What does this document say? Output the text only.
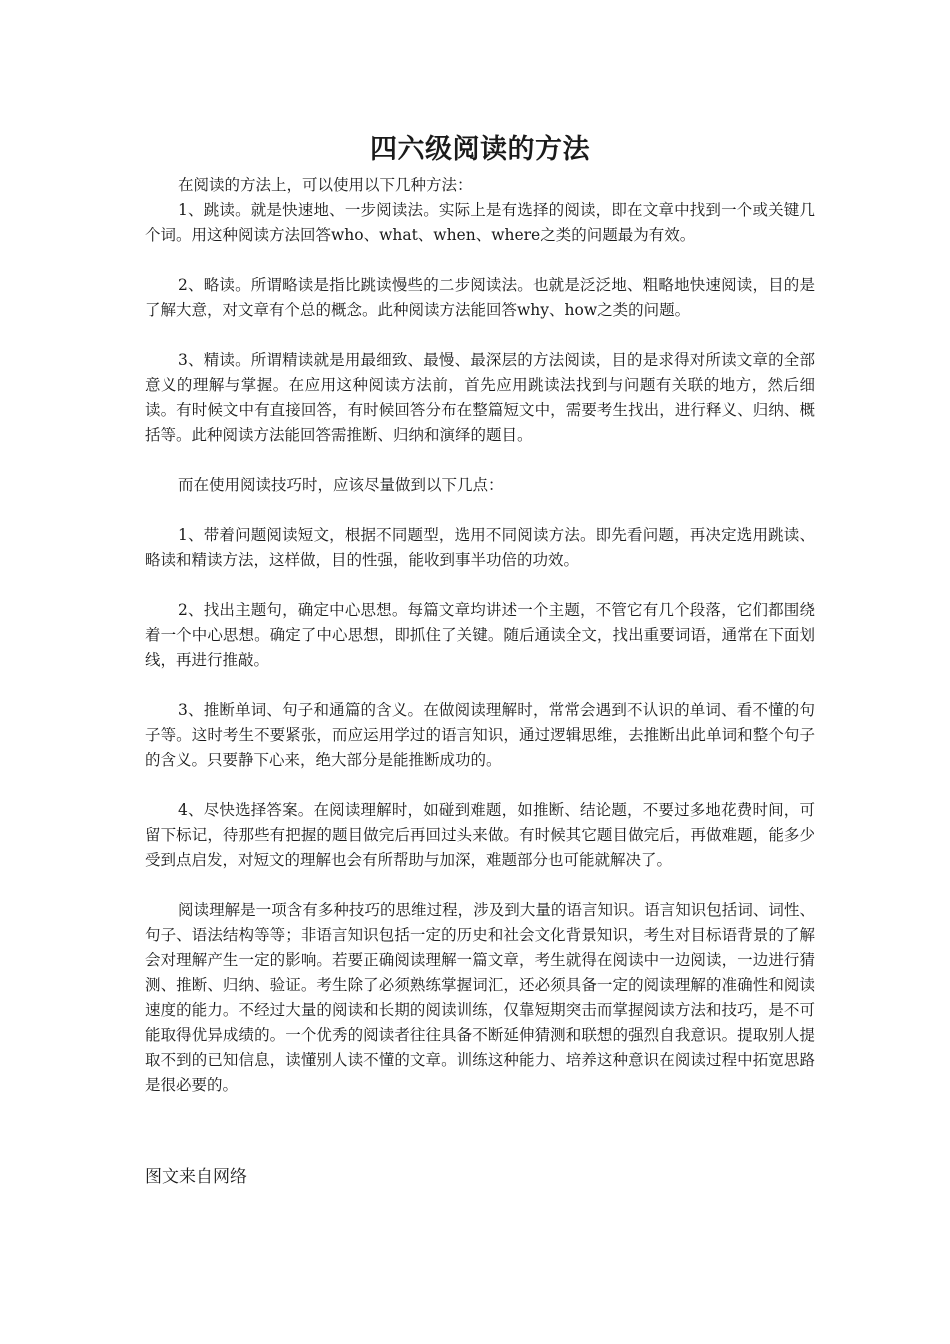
四六级阅读的方法

在阅读的方法上，可以使用以下几种方法：

1、跳读。就是快速地、一步阅读法。实际上是有选择的阅读，即在文章中找到一个或关键几个词。用这种阅读方法回答who、what、when、where之类的问题最为有效。

2、略读。所谓略读是指比跳读慢些的二步阅读法。也就是泛泛地、粗略地快速阅读，目的是了解大意，对文章有个总的概念。此种阅读方法能回答why、how之类的问题。

3、精读。所谓精读就是用最细致、最慢、最深层的方法阅读，目的是求得对所读文章的全部意义的理解与掌握。在应用这种阅读方法前，首先应用跳读法找到与问题有关联的地方，然后细读。有时候文中有直接回答，有时候回答分布在整篇短文中，需要考生找出，进行释义、归纳、概括等。此种阅读方法能回答需推断、归纳和演绎的题目。

而在使用阅读技巧时，应该尽量做到以下几点：

1、带着问题阅读短文，根据不同题型，选用不同阅读方法。即先看问题，再决定选用跳读、略读和精读方法，这样做，目的性强，能收到事半功倍的功效。

2、找出主题句，确定中心思想。每篇文章均讲述一个主题，不管它有几个段落，它们都围绕着一个中心思想。确定了中心思想，即抓住了关键。随后通读全文，找出重要词语，通常在下面划线，再进行推敲。

3、推断单词、句子和通篇的含义。在做阅读理解时，常常会遇到不认识的单词、看不懂的句子等。这时考生不要紧张，而应运用学过的语言知识，通过逻辑思维，去推断出此单词和整个句子的含义。只要静下心来，绝大部分是能推断成功的。

4、尽快选择答案。在阅读理解时，如碰到难题，如推断、结论题，不要过多地花费时间，可留下标记，待那些有把握的题目做完后再回过头来做。有时候其它题目做完后，再做难题，能多少受到点启发，对短文的理解也会有所帮助与加深，难题部分也可能就解决了。

阅读理解是一项含有多种技巧的思维过程，涉及到大量的语言知识。语言知识包括词、词性、句子、语法结构等等；非语言知识包括一定的历史和社会文化背景知识，考生对目标语背景的了解会对理解产生一定的影响。若要正确阅读理解一篇文章，考生就得在阅读中一边阅读，一边进行猜测、推断、归纳、验证。考生除了必须熟练掌握词汇，还必须具备一定的阅读理解的准确性和阅读速度的能力。不经过大量的阅读和长期的阅读训练，仅靠短期突击而掌握阅读方法和技巧，是不可能取得优异成绩的。一个优秀的阅读者往往具备不断延伸猜测和联想的强烈自我意识。提取别人提取不到的已知信息，读懂别人读不懂的文章。训练这种能力、培养这种意识在阅读过程中拓宽思路是很必要的。

图文来自网络
